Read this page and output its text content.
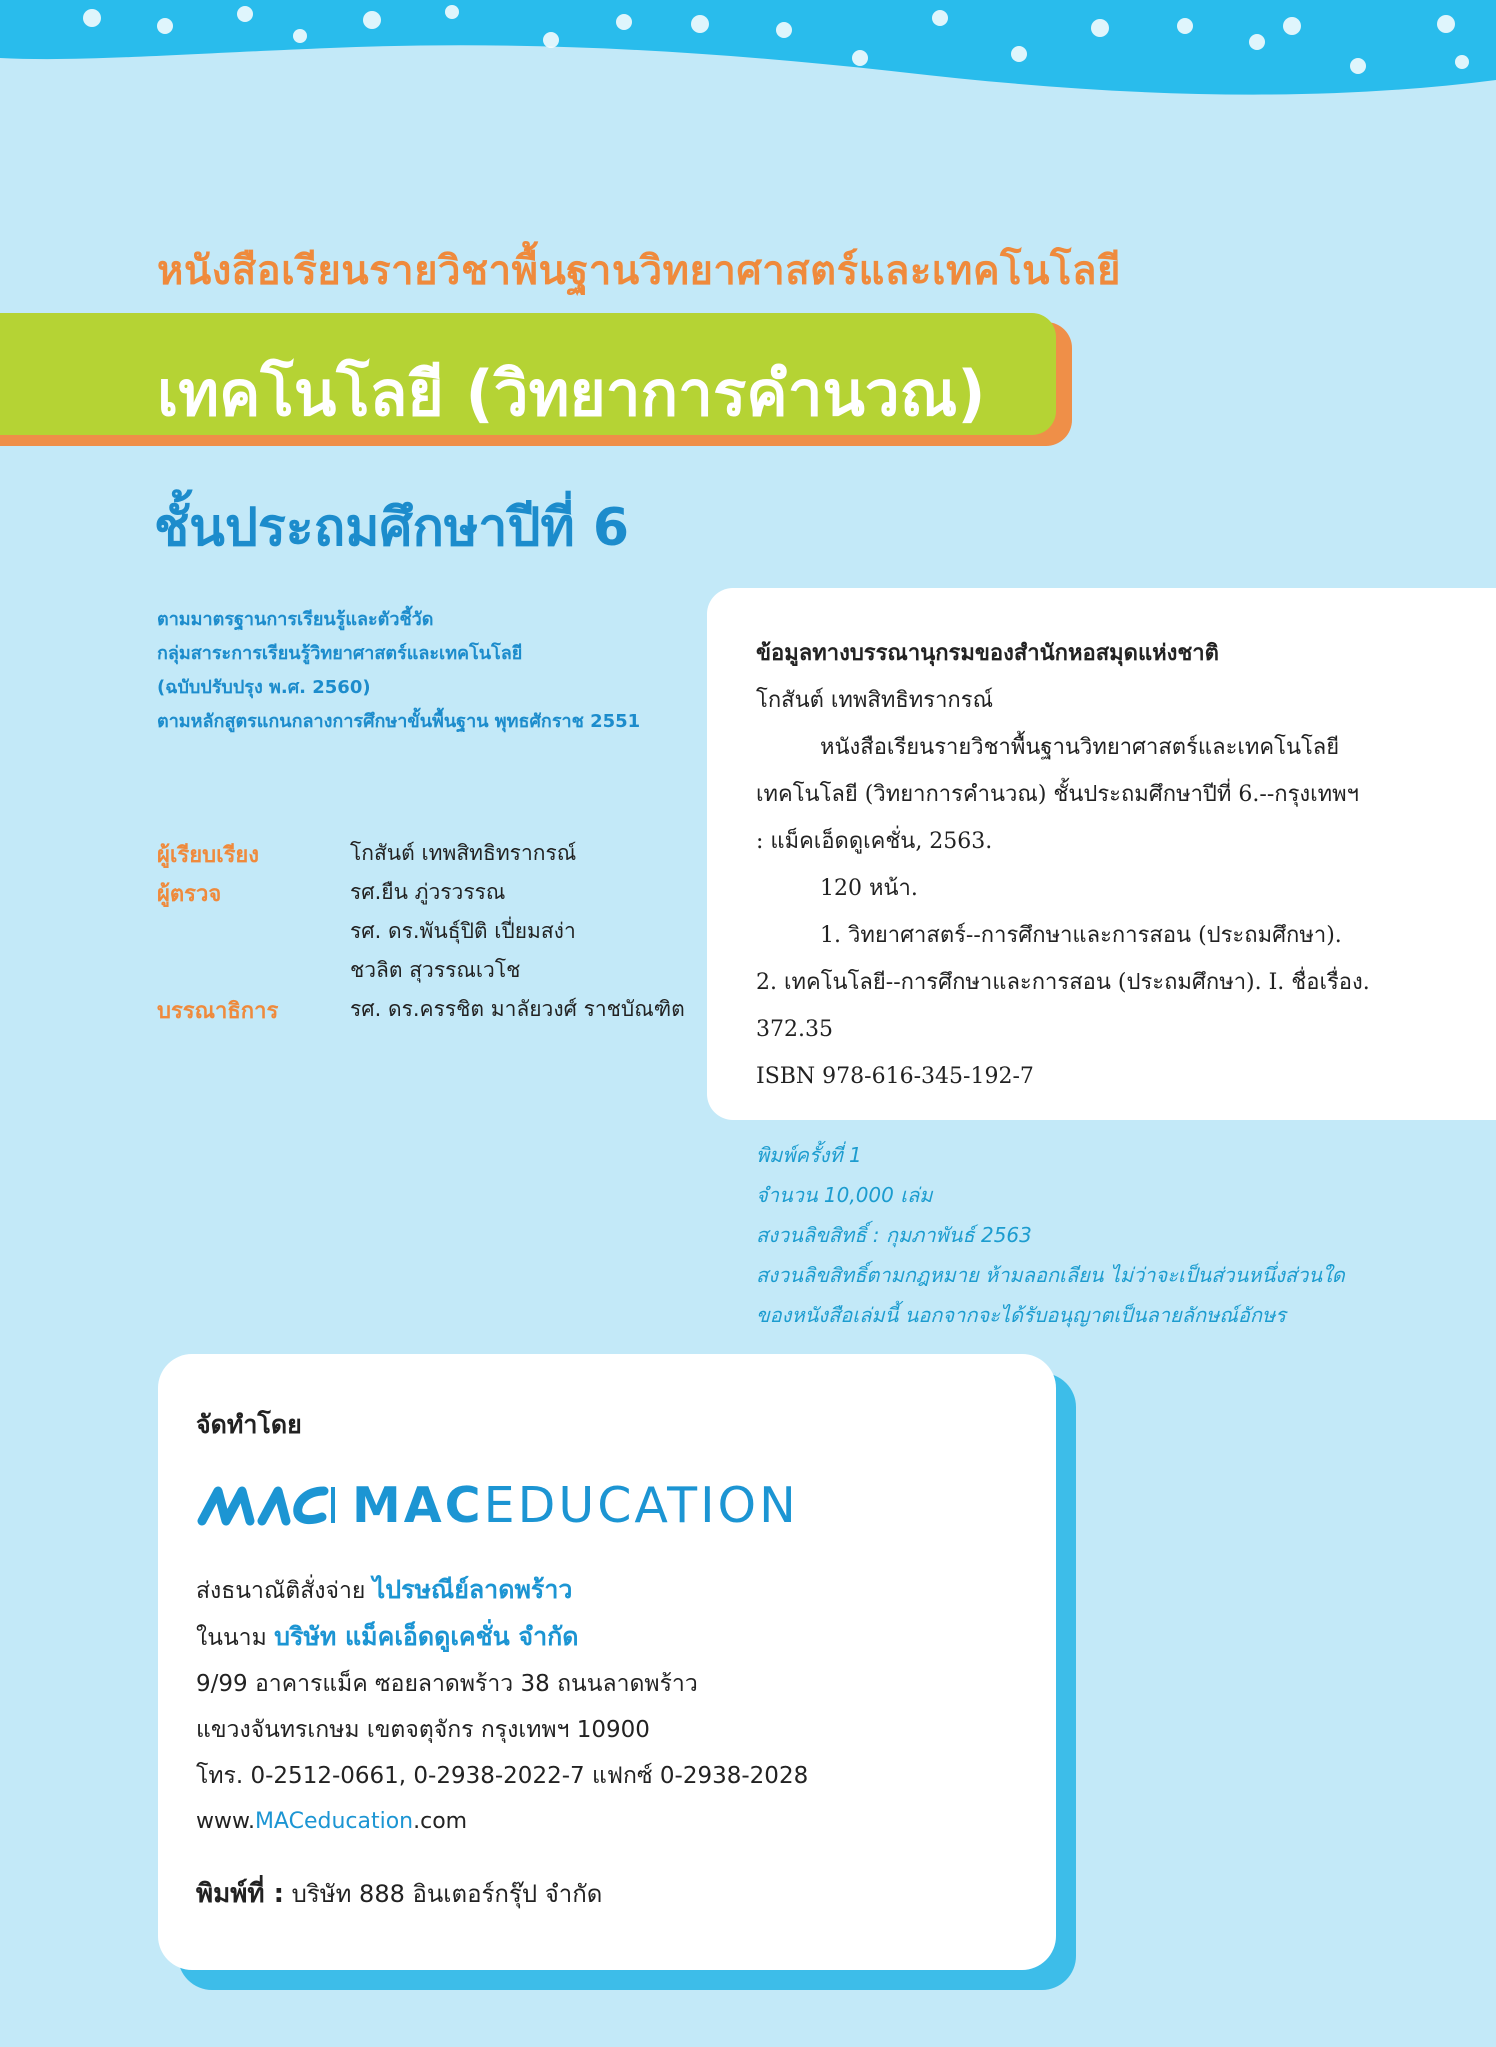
หนังสือเรียนรายวิชาพื้นฐานวิทยาศาสตร์และเทคโนโลยี
เทคโนโลยี (วิทยาการคำนวณ)
ชั้นประถมศึกษาปีที่ 6
ตามมาตรฐานการเรียนรู้และตัวชี้วัด
กลุ่มสาระการเรียนรู้วิทยาศาสตร์และเทคโนโลยี
(ฉบับปรับปรุง พ.ศ. 2560)
ตามหลักสูตรแกนกลางการศึกษาขั้นพื้นฐาน พุทธศักราช 2551
ผู้เรียบเรียง	โกสันต์ เทพสิทธิทรากรณ์
ผู้ตรวจ	รศ.ยืน ภู่วรวรรณ
รศ. ดร.พันธุ์ปิติ เปี่ยมสง่า
ชวลิต สุวรรณเวโช
บรรณาธิการ	รศ. ดร.ครรชิต มาลัยวงศ์ ราชบัณฑิต
ข้อมูลทางบรรณานุกรมของสำนักหอสมุดแห่งชาติ
โกสันต์ เทพสิทธิทรากรณ์
หนังสือเรียนรายวิชาพื้นฐานวิทยาศาสตร์และเทคโนโลยี
เทคโนโลยี (วิทยาการคำนวณ) ชั้นประถมศึกษาปีที่ 6.--กรุงเทพฯ
: แม็คเอ็ดดูเคชั่น, 2563.
120 หน้า.
1. วิทยาศาสตร์--การศึกษาและการสอน (ประถมศึกษา).
2. เทคโนโลยี--การศึกษาและการสอน (ประถมศึกษา). I. ชื่อเรื่อง.
372.35
ISBN 978-616-345-192-7
พิมพ์ครั้งที่ 1
จำนวน 10,000 เล่ม
สงวนลิขสิทธิ์ : กุมภาพันธ์ 2563
สงวนลิขสิทธิ์ตามกฎหมาย ห้ามลอกเลียน ไม่ว่าจะเป็นส่วนหนึ่งส่วนใด
ของหนังสือเล่มนี้ นอกจากจะได้รับอนุญาตเป็นลายลักษณ์อักษร
จัดทำโดย
MACEDUCATION
ส่งธนาณัติสั่งจ่าย ไปรษณีย์ลาดพร้าว
ในนาม บริษัท แม็คเอ็ดดูเคชั่น จำกัด
9/99 อาคารแม็ค ซอยลาดพร้าว 38 ถนนลาดพร้าว
แขวงจันทรเกษม เขตจตุจักร กรุงเทพฯ 10900
โทร. 0-2512-0661, 0-2938-2022-7 แฟกซ์ 0-2938-2028
www.MACeducation.com
พิมพ์ที่ : บริษัท 888 อินเตอร์กรุ๊ป จำกัด
